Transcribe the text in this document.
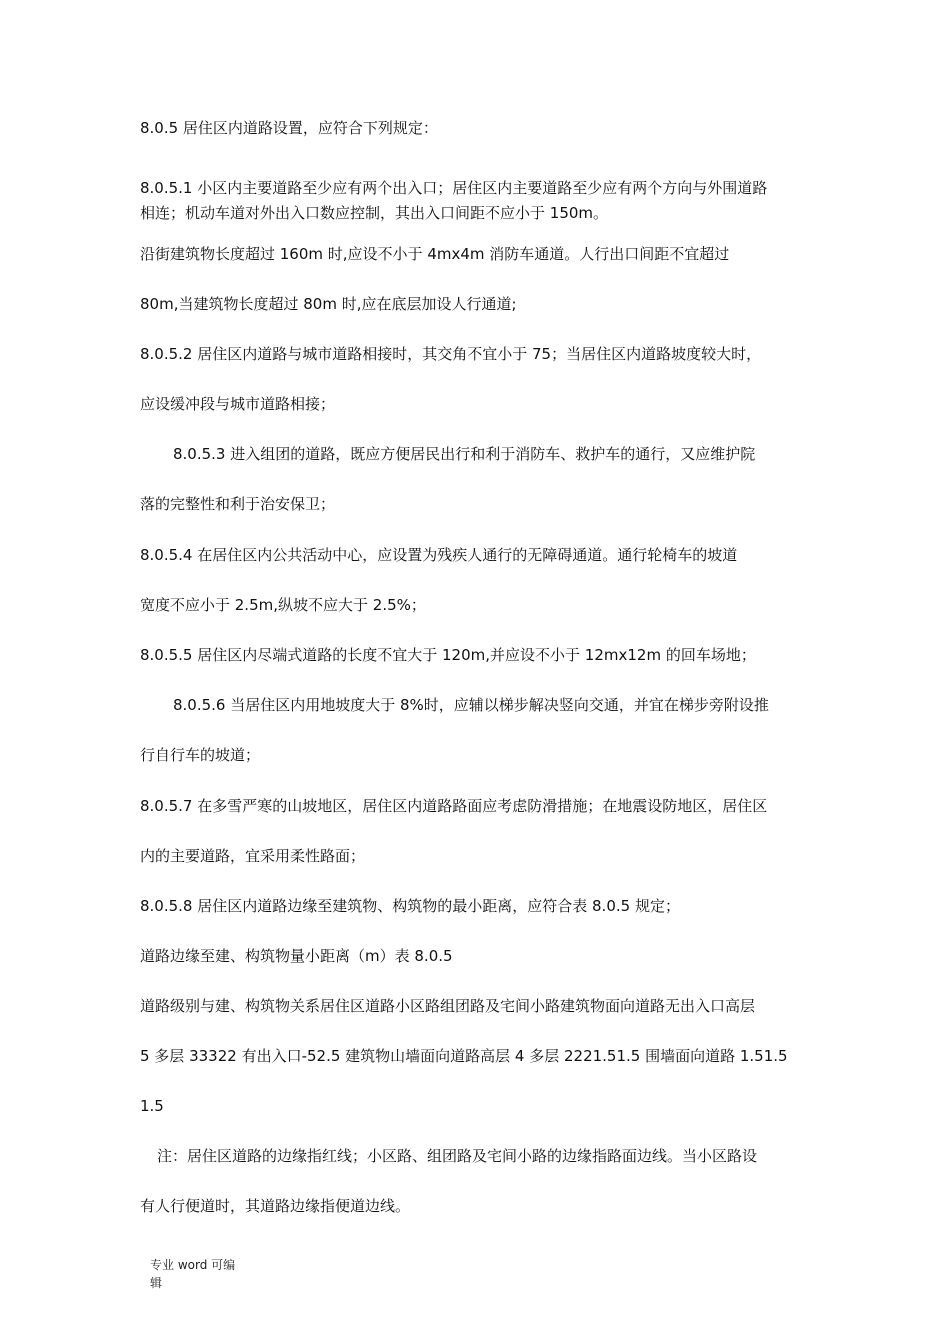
8.0.5 居住区内道路设置，应符合下列规定：
8.0.5.1 小区内主要道路至少应有两个出入口；居住区内主要道路至少应有两个方向与外围道路
相连；机动车道对外出入口数应控制，其出入口间距不应小于 150m。
沿街建筑物长度超过 160m 时,应设不小于 4mx4m 消防车通道。人行出口间距不宜超过
80m,当建筑物长度超过 80m 时,应在底层加设人行通道;
8.0.5.2 居住区内道路与城市道路相接时，其交角不宜小于 75；当居住区内道路坡度较大时，
应设缓冲段与城市道路相接；
8.0.5.3 进入组团的道路，既应方便居民出行和利于消防车、救护车的通行，又应维护院
落的完整性和利于治安保卫；
8.0.5.4 在居住区内公共活动中心，应设置为残疾人通行的无障碍通道。通行轮椅车的坡道
宽度不应小于 2.5m,纵坡不应大于 2.5%；
8.0.5.5 居住区内尽端式道路的长度不宜大于 120m,并应设不小于 12mx12m 的回车场地；
8.0.5.6 当居住区内用地坡度大于 8%时，应辅以梯步解决竖向交通，并宜在梯步旁附设推
行自行车的坡道；
8.0.5.7 在多雪严寒的山坡地区，居住区内道路路面应考虑防滑措施；在地震设防地区，居住区
内的主要道路，宜采用柔性路面；
8.0.5.8 居住区内道路边缘至建筑物、构筑物的最小距离，应符合表 8.0.5 规定；
道路边缘至建、构筑物量小距离（m）表 8.0.5
道路级别与建、构筑物关系居住区道路小区路组团路及宅间小路建筑物面向道路无出入口高层
5 多层 33322 有出入口-52.5 建筑物山墙面向道路高层 4 多层 2221.51.5 围墙面向道路 1.51.5
1.5
注：居住区道路的边缘指红线；小区路、组团路及宅间小路的边缘指路面边线。当小区路设
有人行便道时，其道路边缘指便道边线。
专业 word 可编
辑
